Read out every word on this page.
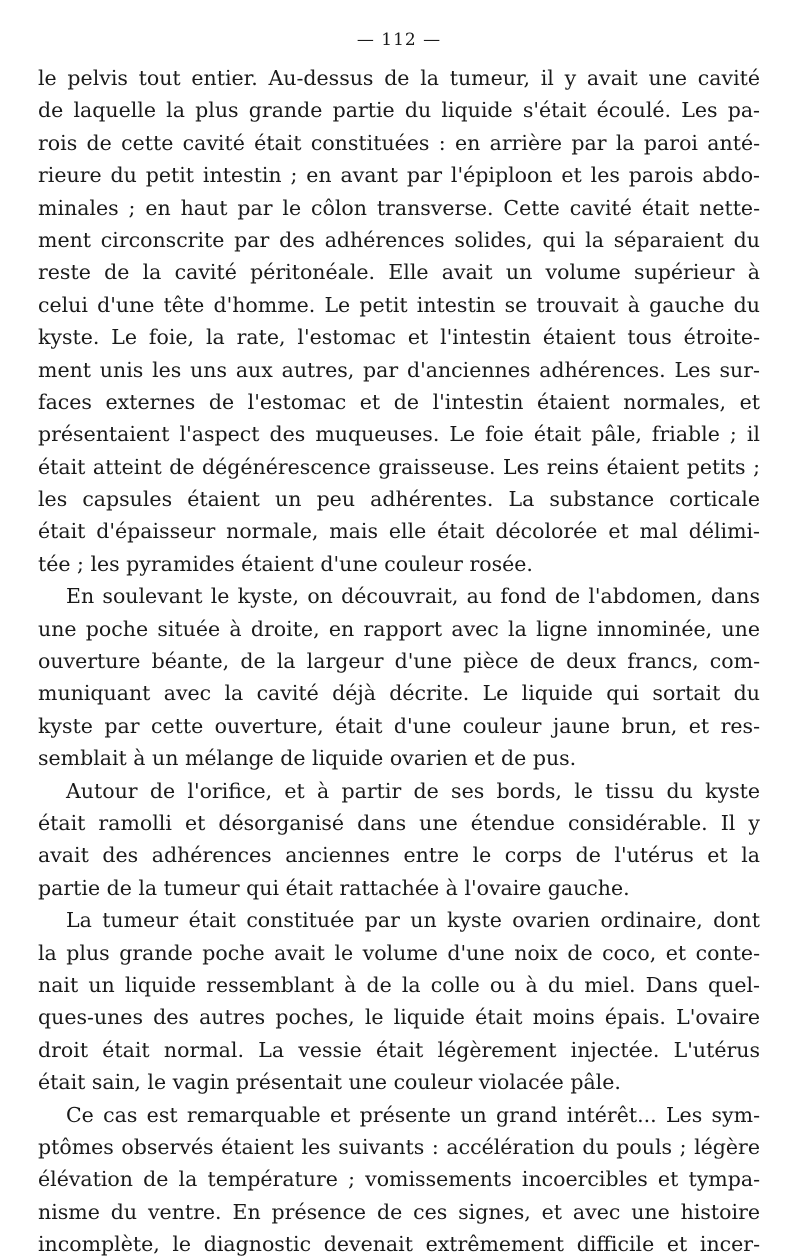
— 112 —
le pelvis tout entier. Au-dessus de la tumeur, il y avait une cavité
de laquelle la plus grande partie du liquide s'était écoulé. Les pa-
rois de cette cavité était constituées : en arrière par la paroi anté-
rieure du petit intestin ; en avant par l'épiploon et les parois abdo-
minales ; en haut par le côlon transverse. Cette cavité était nette-
ment circonscrite par des adhérences solides, qui la séparaient du
reste de la cavité péritonéale. Elle avait un volume supérieur à
celui d'une tête d'homme. Le petit intestin se trouvait à gauche du
kyste. Le foie, la rate, l'estomac et l'intestin étaient tous étroite-
ment unis les uns aux autres, par d'anciennes adhérences. Les sur-
faces externes de l'estomac et de l'intestin étaient normales, et
présentaient l'aspect des muqueuses. Le foie était pâle, friable ; il
était atteint de dégénérescence graisseuse. Les reins étaient petits ;
les capsules étaient un peu adhérentes. La substance corticale
était d'épaisseur normale, mais elle était décolorée et mal délimi-
tée ; les pyramides étaient d'une couleur rosée.
En soulevant le kyste, on découvrait, au fond de l'abdomen, dans
une poche située à droite, en rapport avec la ligne innominée, une
ouverture béante, de la largeur d'une pièce de deux francs, com-
muniquant avec la cavité déjà décrite. Le liquide qui sortait du
kyste par cette ouverture, était d'une couleur jaune brun, et res-
semblait à un mélange de liquide ovarien et de pus.
Autour de l'orifice, et à partir de ses bords, le tissu du kyste
était ramolli et désorganisé dans une étendue considérable. Il y
avait des adhérences anciennes entre le corps de l'utérus et la
partie de la tumeur qui était rattachée à l'ovaire gauche.
La tumeur était constituée par un kyste ovarien ordinaire, dont
la plus grande poche avait le volume d'une noix de coco, et conte-
nait un liquide ressemblant à de la colle ou à du miel. Dans quel-
ques-unes des autres poches, le liquide était moins épais. L'ovaire
droit était normal. La vessie était légèrement injectée. L'utérus
était sain, le vagin présentait une couleur violacée pâle.
Ce cas est remarquable et présente un grand intérêt... Les sym-
ptômes observés étaient les suivants : accélération du pouls ; légère
élévation de la température ; vomissements incoercibles et tympa-
nisme du ventre. En présence de ces signes, et avec une histoire
incomplète, le diagnostic devenait extrêmement difficile et incer-
